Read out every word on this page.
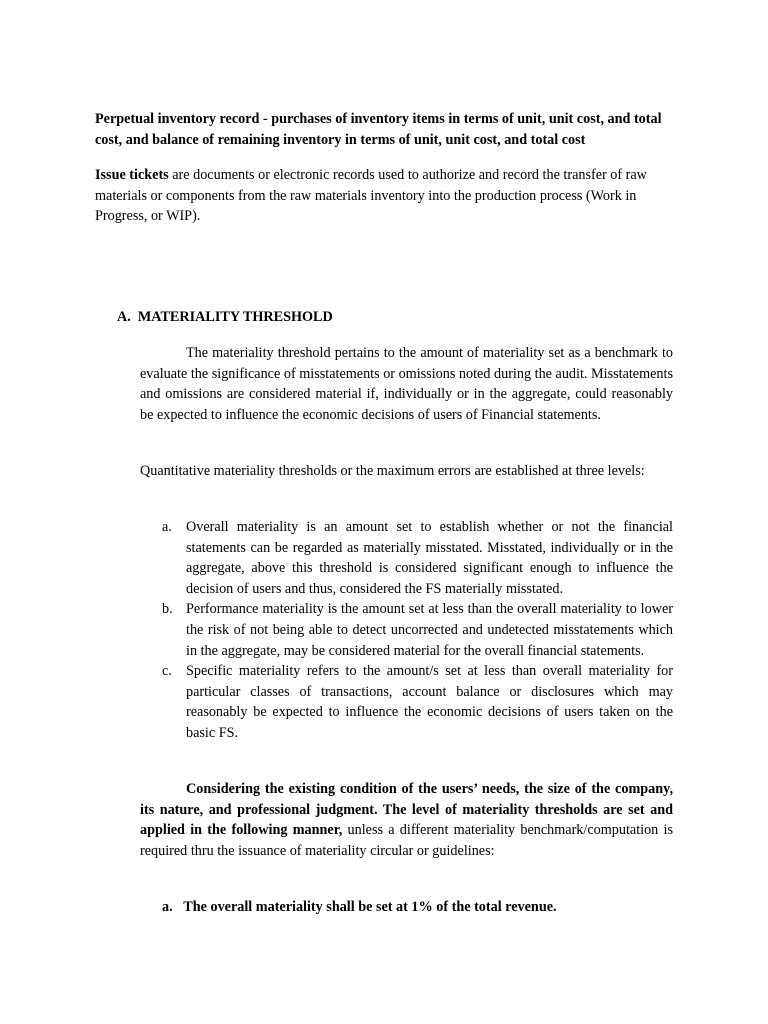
Perpetual inventory record - purchases of inventory items in terms of unit, unit cost, and total cost, and balance of remaining inventory in terms of unit, unit cost, and total cost

Issue tickets are documents or electronic records used to authorize and record the transfer of raw materials or components from the raw materials inventory into the production process (Work in Progress, or WIP).

A. MATERIALITY THRESHOLD

The materiality threshold pertains to the amount of materiality set as a benchmark to evaluate the significance of misstatements or omissions noted during the audit. Misstatements and omissions are considered material if, individually or in the aggregate, could reasonably be expected to influence the economic decisions of users of Financial statements.

Quantitative materiality thresholds or the maximum errors are established at three levels:

a. Overall materiality is an amount set to establish whether or not the financial statements can be regarded as materially misstated. Misstated, individually or in the aggregate, above this threshold is considered significant enough to influence the decision of users and thus, considered the FS materially misstated.
b. Performance materiality is the amount set at less than the overall materiality to lower the risk of not being able to detect uncorrected and undetected misstatements which in the aggregate, may be considered material for the overall financial statements.
c. Specific materiality refers to the amount/s set at less than overall materiality for particular classes of transactions, account balance or disclosures which may reasonably be expected to influence the economic decisions of users taken on the basic FS.

Considering the existing condition of the users’ needs, the size of the company, its nature, and professional judgment. The level of materiality thresholds are set and applied in the following manner, unless a different materiality benchmark/computation is required thru the issuance of materiality circular or guidelines:

a. The overall materiality shall be set at 1% of the total revenue.
